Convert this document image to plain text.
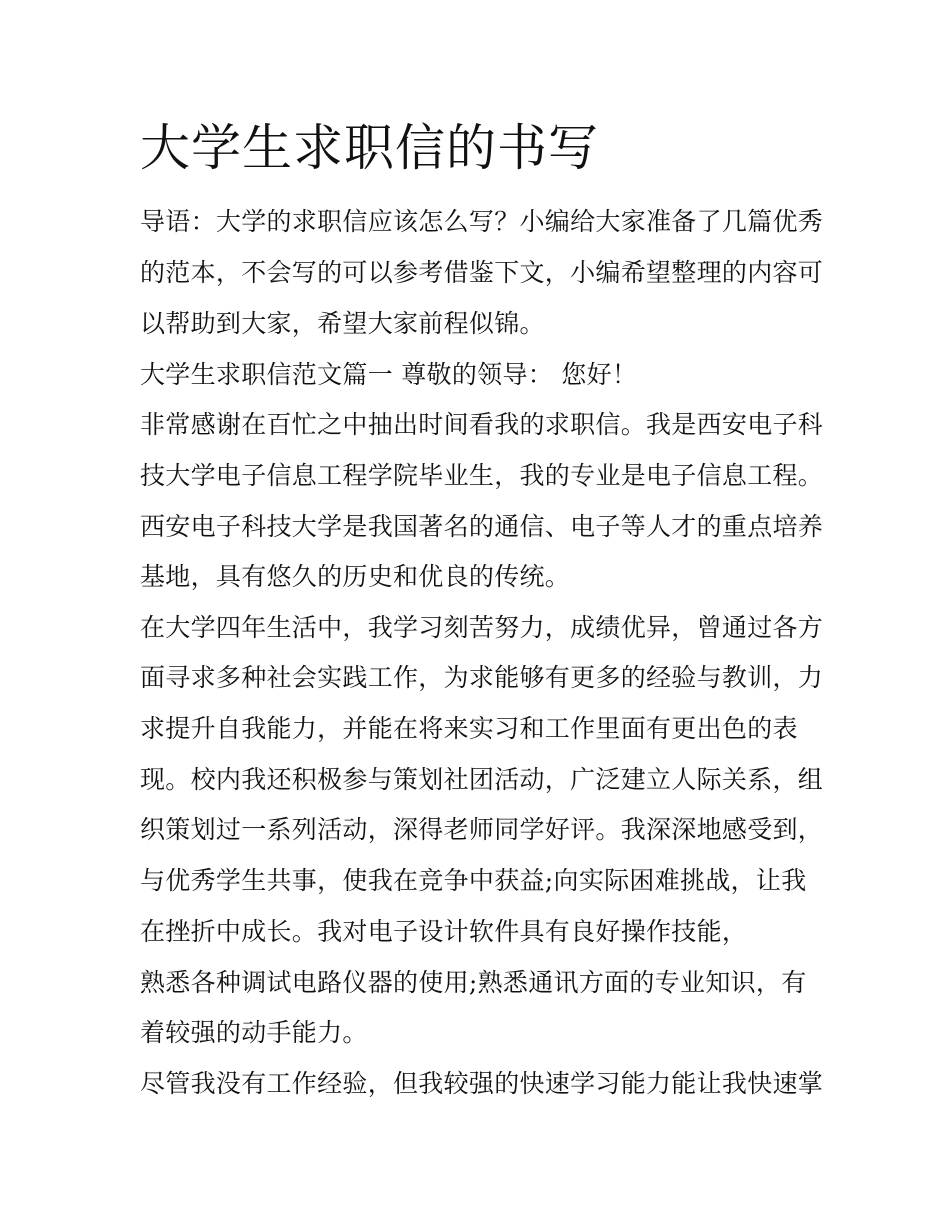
大学生求职信的书写
导语：大学的求职信应该怎么写？小编给大家准备了几篇优秀
的范本，不会写的可以参考借鉴下文，小编希望整理的内容可
以帮助到大家，希望大家前程似锦。
大学生求职信范文篇一 尊敬的领导： 您好！
非常感谢在百忙之中抽出时间看我的求职信。我是西安电子科
技大学电子信息工程学院毕业生，我的专业是电子信息工程。
西安电子科技大学是我国著名的通信、电子等人才的重点培养
基地，具有悠久的历史和优良的传统。
在大学四年生活中，我学习刻苦努力，成绩优异，曾通过各方
面寻求多种社会实践工作，为求能够有更多的经验与教训，力
求提升自我能力，并能在将来实习和工作里面有更出色的表
现。校内我还积极参与策划社团活动，广泛建立人际关系，组
织策划过一系列活动，深得老师同学好评。我深深地感受到，
与优秀学生共事，使我在竞争中获益;向实际困难挑战，让我
在挫折中成长。我对电子设计软件具有良好操作技能，
熟悉各种调试电路仪器的使用;熟悉通讯方面的专业知识，有
着较强的动手能力。
尽管我没有工作经验，但我较强的快速学习能力能让我快速掌
